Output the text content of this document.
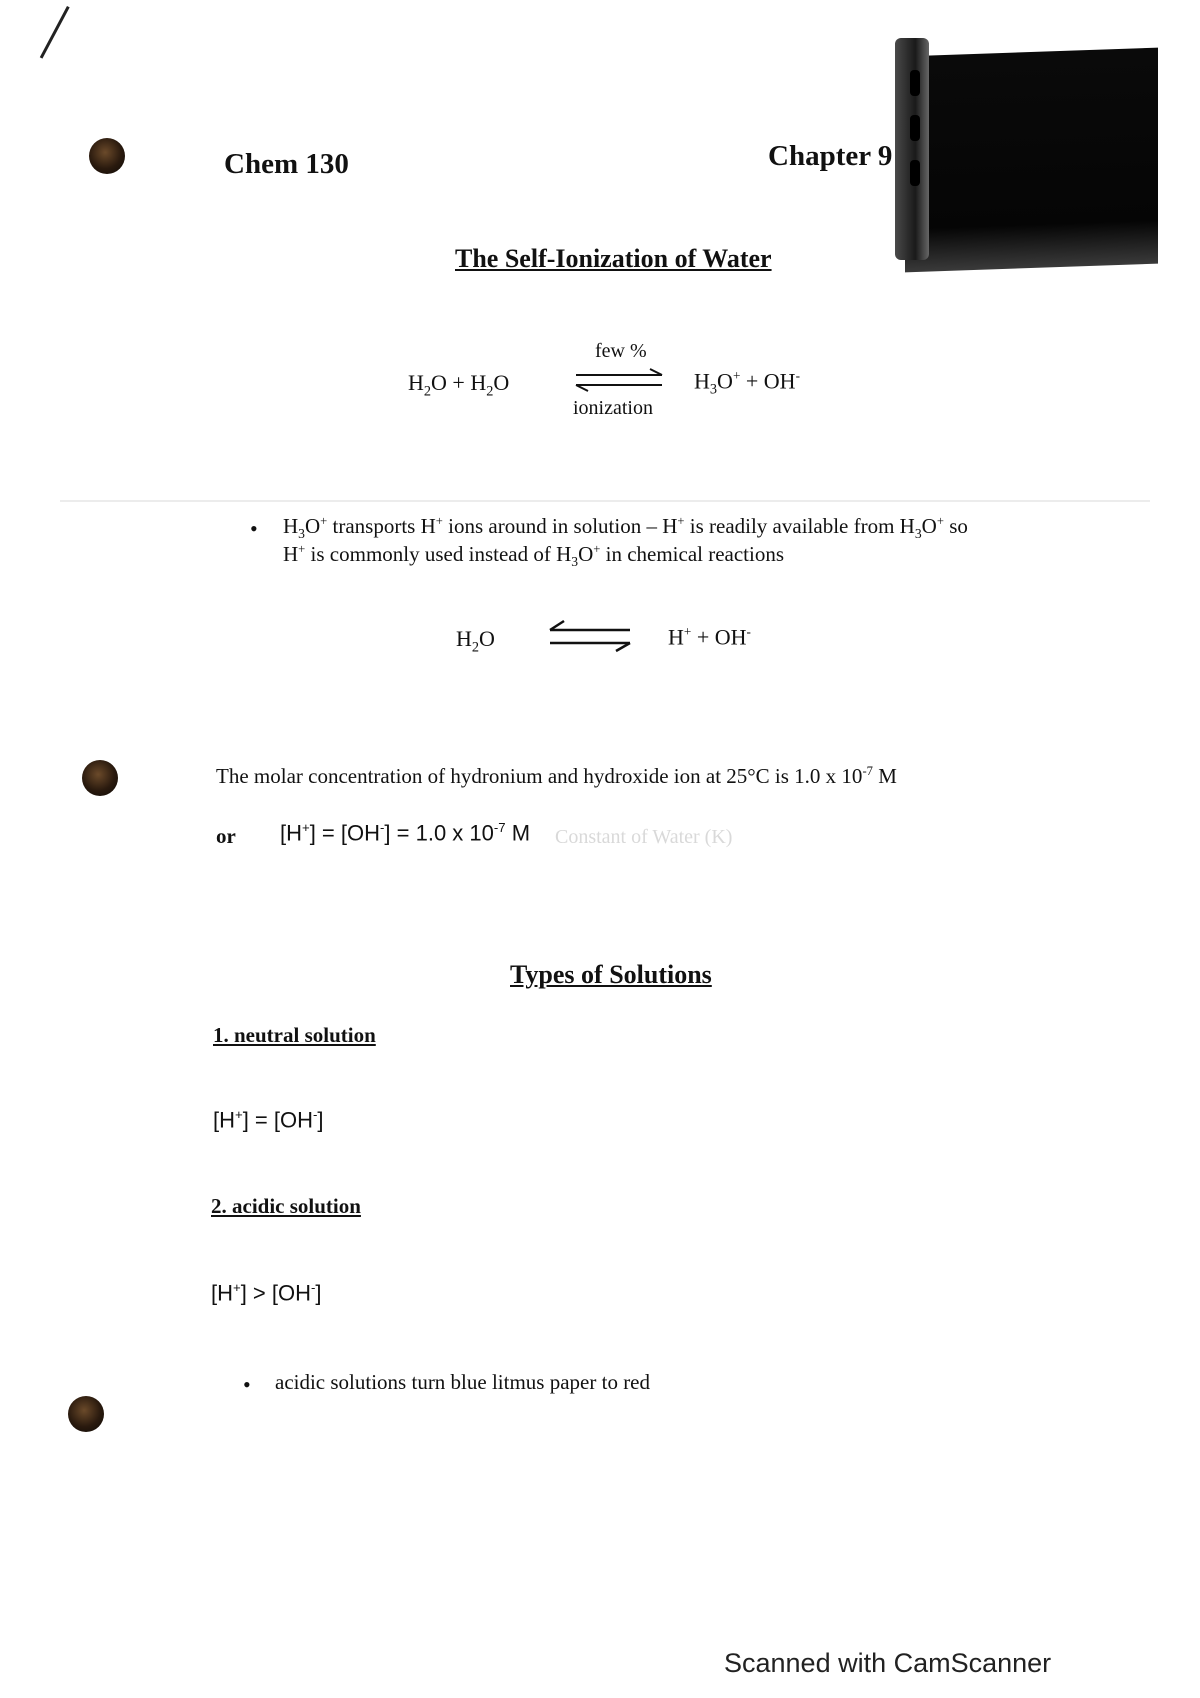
Chem 130	Chapter 9
The Self-Ionization of Water
$H_2O + H_2O$
few %
ionization
$H_3O^+ + OH^-$
• $H_3O^+$ transports H+ ions around in solution – H+ is readily available from $H_3O^+$ so
H+ is commonly used instead of $H_3O^+$ in chemical reactions
$H_2O$	H+ + OH-
The molar concentration of hydronium and hydroxide ion at 25°C is 1.0 x $10^{-7}$ M
or [H+] = [OH-] = 1.0 x $10^{-7}$ M Constant of Water (K)
Types of Solutions
1. neutral solution
[H+] = [OH-]
2. acidic solution
[H+] > [OH-]
• acidic solutions turn blue litmus paper to red
Scanned with CamScanner
